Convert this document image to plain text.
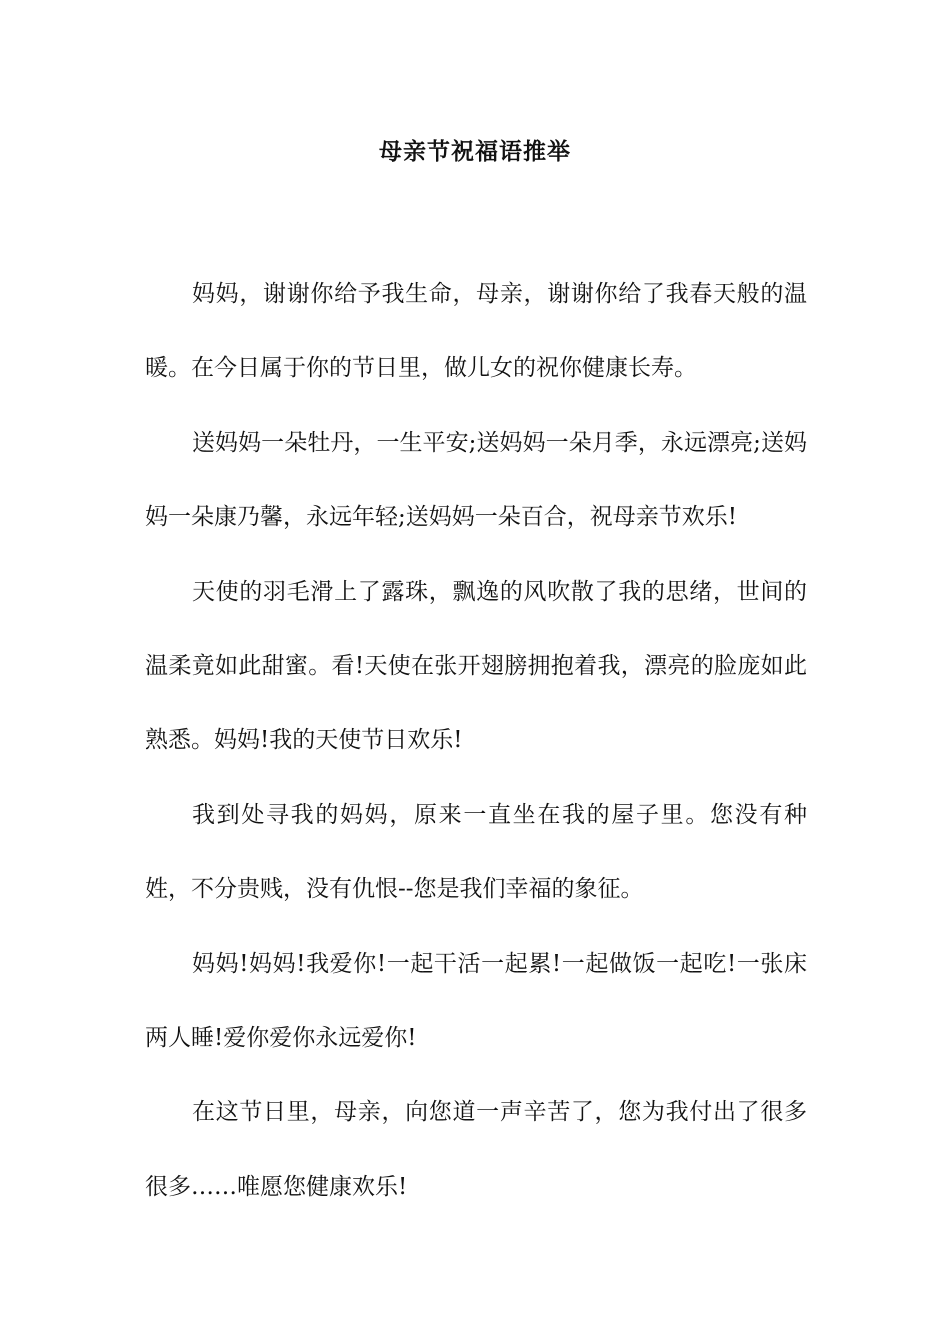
母亲节祝福语推举

妈妈，谢谢你给予我生命，母亲，谢谢你给了我春天般的温暖。在今日属于你的节日里，做儿女的祝你健康长寿。

送妈妈一朵牡丹，一生平安;送妈妈一朵月季，永远漂亮;送妈妈一朵康乃馨，永远年轻;送妈妈一朵百合，祝母亲节欢乐!

天使的羽毛滑上了露珠，飘逸的风吹散了我的思绪，世间的温柔竟如此甜蜜。看!天使在张开翅膀拥抱着我，漂亮的脸庞如此熟悉。妈妈!我的天使节日欢乐!

我到处寻我的妈妈，原来一直坐在我的屋子里。您没有种姓，不分贵贱，没有仇恨--您是我们幸福的象征。

妈妈!妈妈!我爱你!一起干活一起累!一起做饭一起吃!一张床两人睡!爱你爱你永远爱你!

在这节日里，母亲，向您道一声辛苦了，您为我付出了很多很多……唯愿您健康欢乐!
